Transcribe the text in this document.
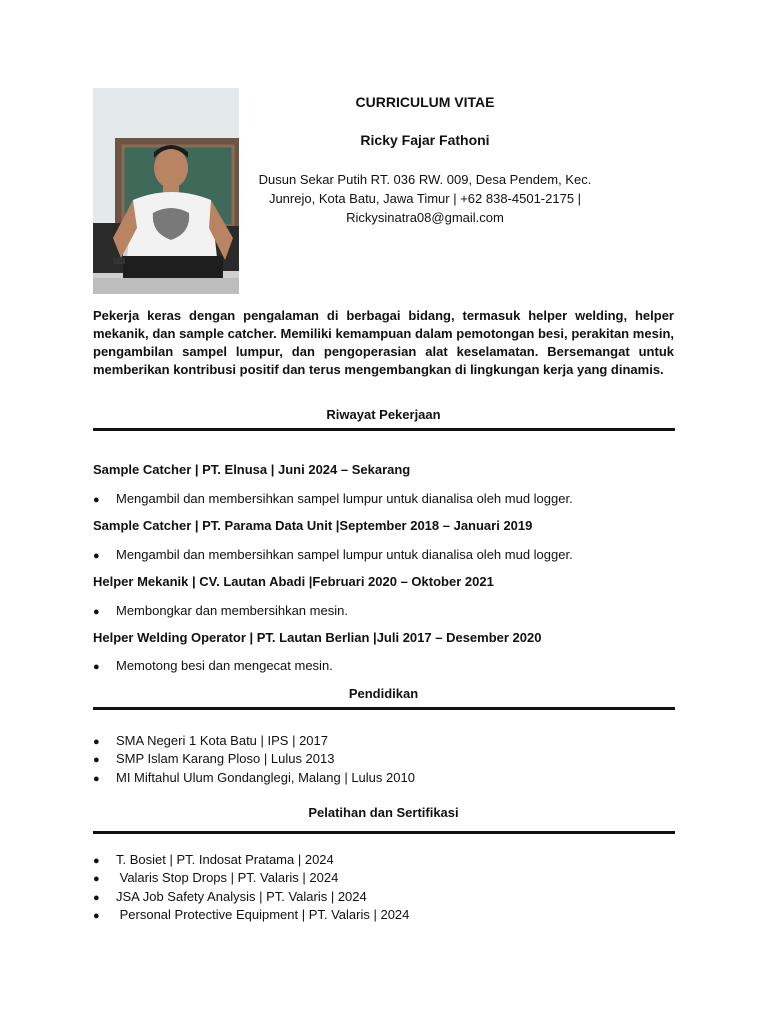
CURRICULUM VITAE
Ricky Fajar Fathoni
Dusun Sekar Putih RT. 036 RW. 009, Desa Pendem, Kec.
Junrejo, Kota Batu, Jawa Timur | +62 838-4501-2175 |
Rickysinatra08@gmail.com
Pekerja keras dengan pengalaman di berbagai bidang, termasuk helper welding, helper mekanik, dan sample catcher. Memiliki kemampuan dalam pemotongan besi, perakitan mesin, pengambilan sampel lumpur, dan pengoperasian alat keselamatan. Bersemangat untuk memberikan kontribusi positif dan terus mengembangkan di lingkungan kerja yang dinamis.
Riwayat Pekerjaan
Sample Catcher | PT. Elnusa | Juni 2024 – Sekarang
● Mengambil dan membersihkan sampel lumpur untuk dianalisa oleh mud logger.
Sample Catcher | PT. Parama Data Unit |September 2018 – Januari 2019
● Mengambil dan membersihkan sampel lumpur untuk dianalisa oleh mud logger.
Helper Mekanik | CV. Lautan Abadi |Februari 2020 – Oktober 2021
● Membongkar dan membersihkan mesin.
Helper Welding Operator | PT. Lautan Berlian |Juli 2017 – Desember 2020
● Memotong besi dan mengecat mesin.
Pendidikan
● SMA Negeri 1 Kota Batu | IPS | 2017
● SMP Islam Karang Ploso | Lulus 2013
● MI Miftahul Ulum Gondanglegi, Malang | Lulus 2010
Pelatihan dan Sertifikasi
● T. Bosiet | PT. Indosat Pratama | 2024
● Valaris Stop Drops | PT. Valaris | 2024
● JSA Job Safety Analysis | PT. Valaris | 2024
● Personal Protective Equipment | PT. Valaris | 2024
